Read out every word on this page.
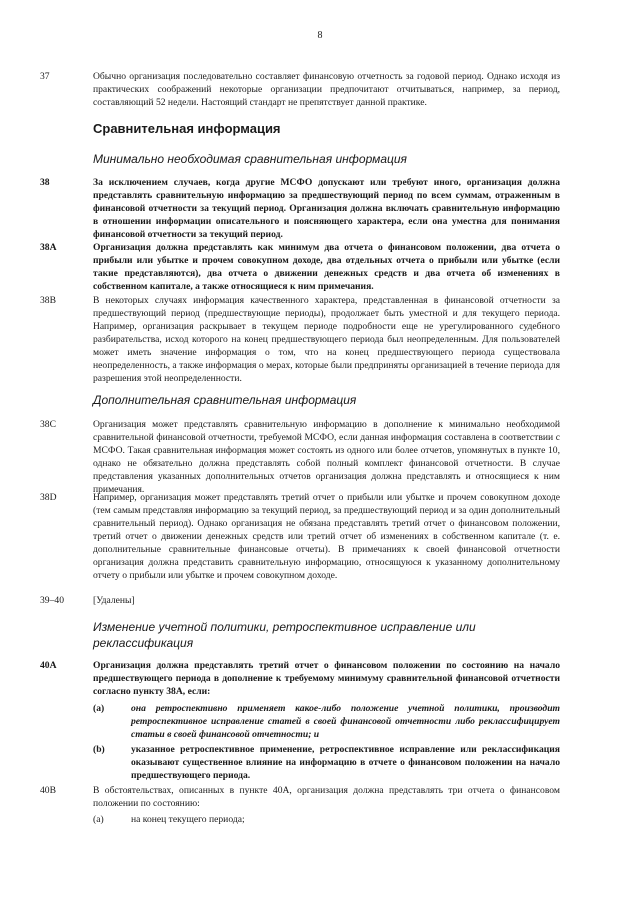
8
37	Обычно организация последовательно составляет финансовую отчетность за годовой период. Однако исходя из практических соображений некоторые организации предпочитают отчитываться, например, за период, составляющий 52 недели. Настоящий стандарт не препятствует данной практике.
Сравнительная информация
Минимально необходимая сравнительная информация
38	За исключением случаев, когда другие МСФО допускают или требуют иного, организация должна представлять сравнительную информацию за предшествующий период по всем суммам, отраженным в финансовой отчетности за текущий период. Организация должна включать сравнительную информацию в отношении информации описательного и поясняющего характера, если она уместна для понимания финансовой отчетности за текущий период.
38A	Организация должна представлять как минимум два отчета о финансовом положении, два отчета о прибыли или убытке и прочем совокупном доходе, два отдельных отчета о прибыли или убытке (если такие представляются), два отчета о движении денежных средств и два отчета об изменениях в собственном капитале, а также относящиеся к ним примечания.
38B	В некоторых случаях информация качественного характера, представленная в финансовой отчетности за предшествующий период (предшествующие периоды), продолжает быть уместной и для текущего периода. Например, организация раскрывает в текущем периоде подробности еще не урегулированного судебного разбирательства, исход которого на конец предшествующего периода был неопределенным. Для пользователей может иметь значение информация о том, что на конец предшествующего периода существовала неопределенность, а также информация о мерах, которые были предприняты организацией в течение периода для разрешения этой неопределенности.
Дополнительная сравнительная информация
38C	Организация может представлять сравнительную информацию в дополнение к минимально необходимой сравнительной финансовой отчетности, требуемой МСФО, если данная информация составлена в соответствии с МСФО. Такая сравнительная информация может состоять из одного или более отчетов, упомянутых в пункте 10, однако не обязательно должна представлять собой полный комплект финансовой отчетности. В случае представления указанных дополнительных отчетов организация должна представлять и относящиеся к ним примечания.
38D	Например, организация может представлять третий отчет о прибыли или убытке и прочем совокупном доходе (тем самым представляя информацию за текущий период, за предшествующий период и за один дополнительный сравнительный период). Однако организация не обязана представлять третий отчет о финансовом положении, третий отчет о движении денежных средств или третий отчет об изменениях в собственном капитале (т. е. дополнительные сравнительные финансовые отчеты). В примечаниях к своей финансовой отчетности организация должна представить сравнительную информацию, относящуюся к указанному дополнительному отчету о прибыли или убытке и прочем совокупном доходе.
39–40	[Удалены]
Изменение учетной политики, ретроспективное исправление или реклассификация
40A	Организация должна представлять третий отчет о финансовом положении по состоянию на начало предшествующего периода в дополнение к требуемому минимуму сравнительной финансовой отчетности согласно пункту 38A, если:
(a)	она ретроспективно применяет какое-либо положение учетной политики, производит ретроспективное исправление статей в своей финансовой отчетности либо реклассифицирует статьи в своей финансовой отчетности; и
(b)	указанное ретроспективное применение, ретроспективное исправление или реклассификация оказывают существенное влияние на информацию в отчете о финансовом положении на начало предшествующего периода.
40B	В обстоятельствах, описанных в пункте 40A, организация должна представлять три отчета о финансовом положении по состоянию:
(a)	на конец текущего периода;
